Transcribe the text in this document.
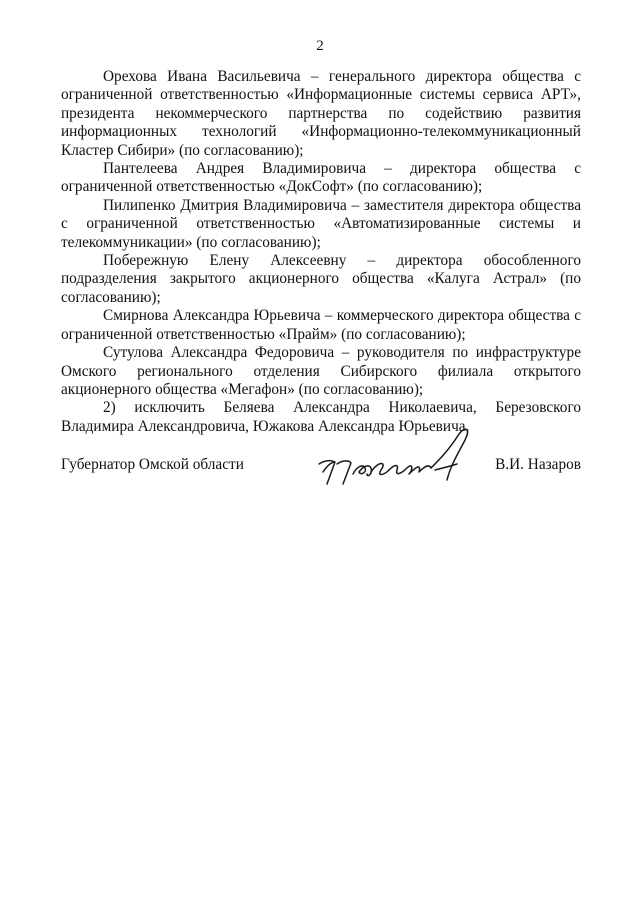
2

Орехова Ивана Васильевича – генерального директора общества с ограниченной ответственностью «Информационные системы сервиса АРТ», президента некоммерческого партнерства по содействию развития информационных технологий «Информационно-телекоммуникационный Кластер Сибири» (по согласованию);

Пантелеева Андрея Владимировича – директора общества с ограниченной ответственностью «ДокСофт» (по согласованию);

Пилипенко Дмитрия Владимировича – заместителя директора общества с ограниченной ответственностью «Автоматизированные системы и телекоммуникации» (по согласованию);

Побережную Елену Алексеевну – директора обособленного подразделения закрытого акционерного общества «Калуга Астрал» (по согласованию);

Смирнова Александра Юрьевича – коммерческого директора общества с ограниченной ответственностью «Прайм» (по согласованию);

Сутулова Александра Федоровича – руководителя по инфраструктуре Омского регионального отделения Сибирского филиала открытого акционерного общества «Мегафон» (по согласованию);

2) исключить Беляева Александра Николаевича, Березовского Владимира Александровича, Южакова Александра Юрьевича.

Губернатор Омской области	В.И. Назаров
